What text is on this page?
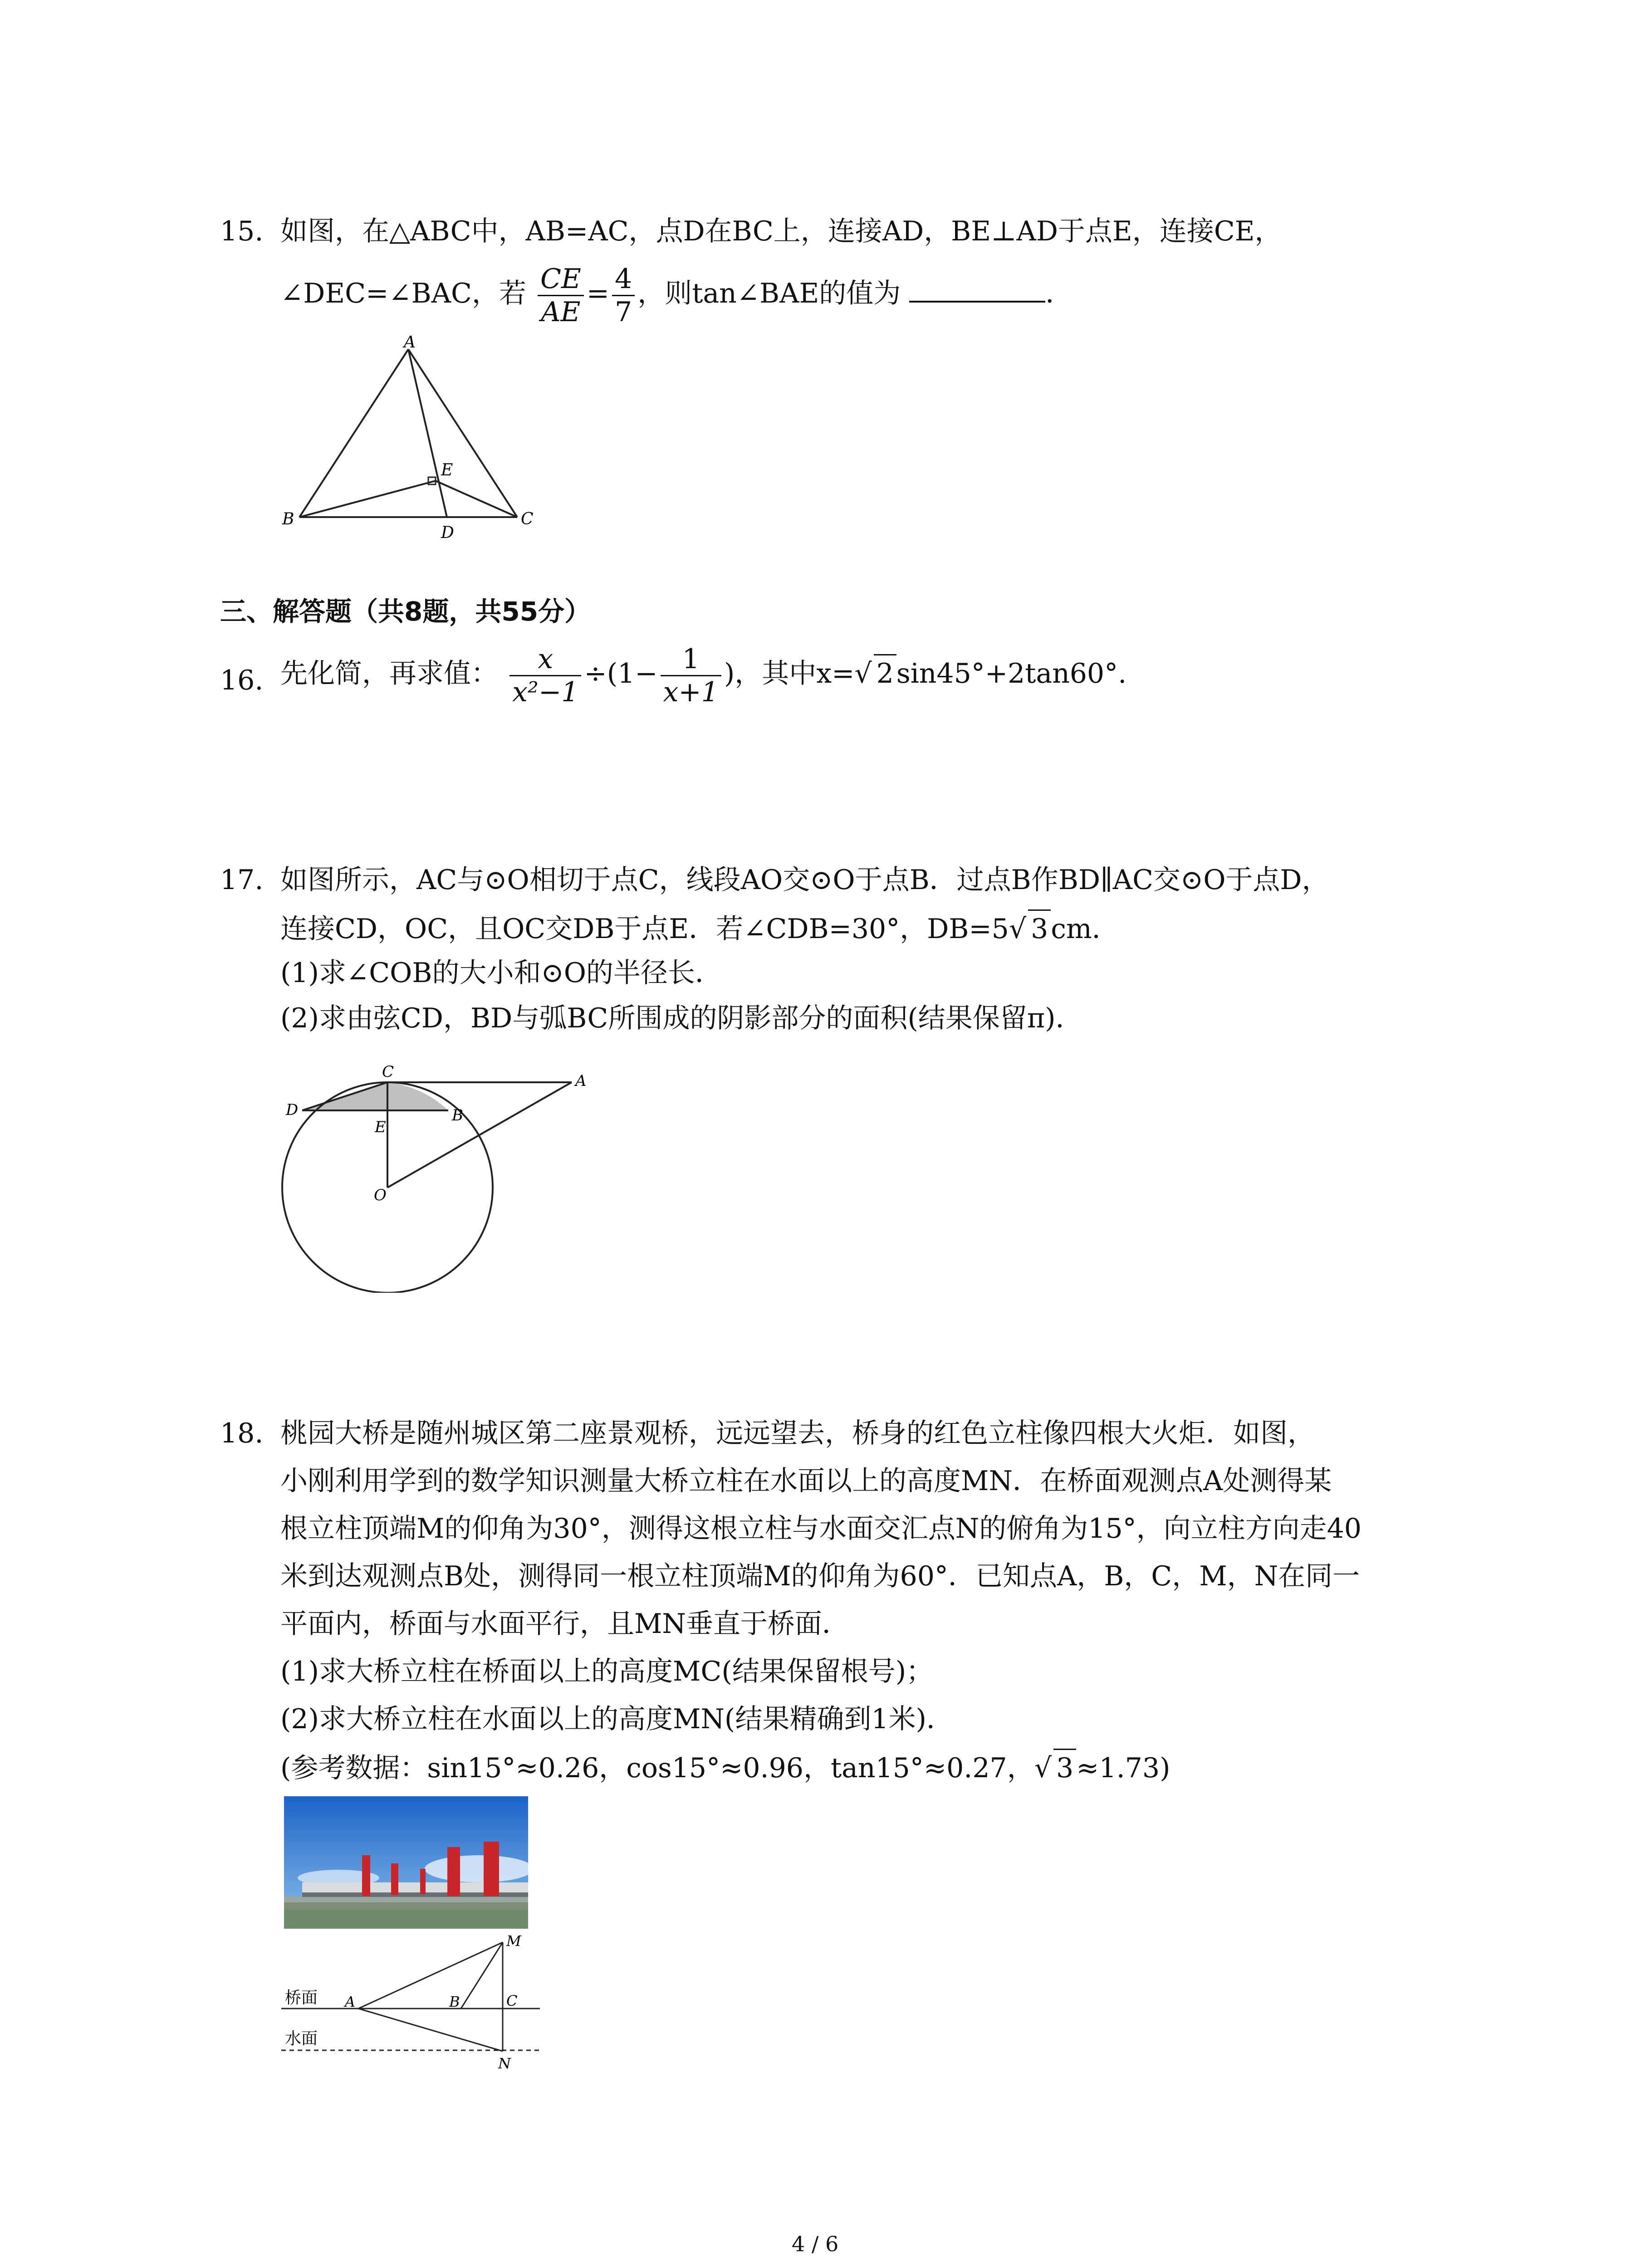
15. 如图，在△ABC中，AB=AC，点D在BC上，连接AD，BE⊥AD于点E，连接CE，
∠DEC=∠BAC，若 $\frac{CE}{AE} = \frac{4}{7}$ ，则tan∠BAE的值为	．
A
B	C
D
E
三、解答题（共8题，共55分）
16. 先化简，再求值： $\frac{x}{\text{x²−1}} \div(1- \frac{1}{x+1}$ )，其中x=√ 2 sin45°+2tan60°.
17. 如图所示，AC与⊙O相切于点C，线段AO交⊙O于点B．过点B作BD∥AC交⊙O于点D，
连接CD，OC，且OC交DB于点E．若∠CDB=30°，DB=5√ 3 cm．
(1)求∠COB的大小和⊙O的半径长．
(2)求由弦CD，BD与弧BC所围成的阴影部分的面积(结果保留π)．
C	A
D
E
B
O
18. 桃园大桥是随州城区第二座景观桥，远远望去，桥身的红色立柱像四根大火炬．如图，
小刚利用学到的数学知识测量大桥立柱在水面以上的高度MN．在桥面观测点A处测得某
根立柱顶端M的仰角为30°，测得这根立柱与水面交汇点N的俯角为15°，向立柱方向走40
米到达观测点B处，测得同一根立柱顶端M的仰角为60°．已知点A，B，C，M，N在同一
平面内，桥面与水面平行，且MN垂直于桥面．
(1)求大桥立柱在桥面以上的高度MC(结果保留根号)；
(2)求大桥立柱在水面以上的高度MN(结果精确到1米)．
(参考数据：sin15°≈0.26，cos15°≈0.96，tan15°≈0.27，√ 3 ≈1.73)
桥面
水面
A	B	C
M
N
4 / 6
